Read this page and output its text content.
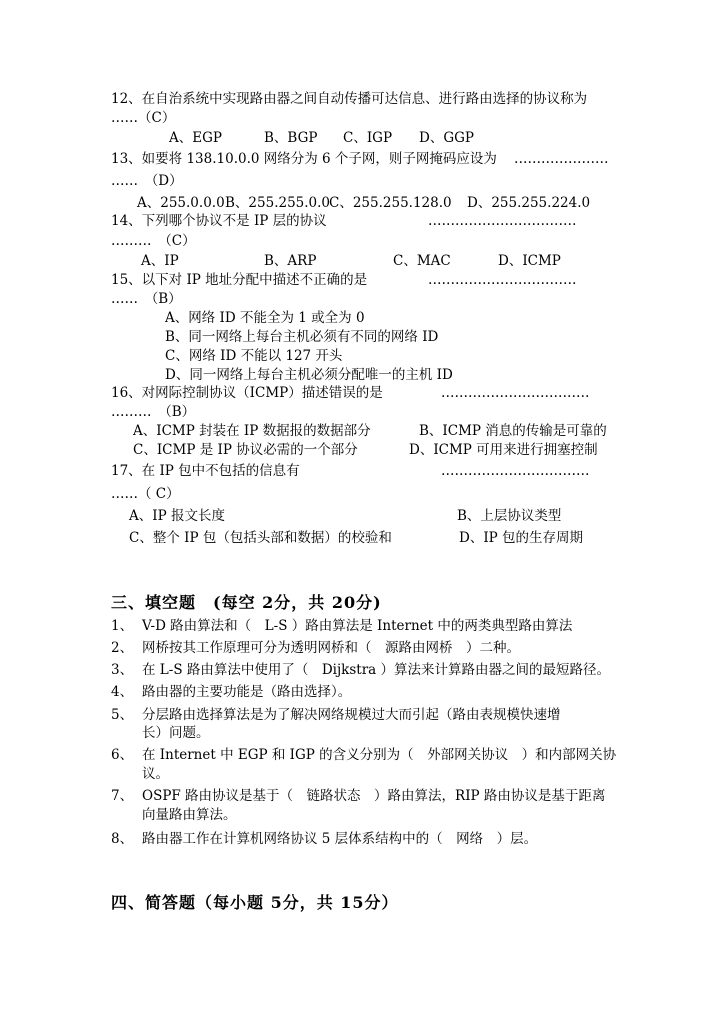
12、在自治系统中实现路由器之间自动传播可达信息、进行路由选择的协议称为
……（C）
A、EGP	B、BGP C、IGP D、GGP
13、如要将 138.10.0.0 网络分为 6 个子网，则子网掩码应设为 …………………
……　（D）
A、255.0.0.0 B、255.255.0.0
C、255.255.128.0 D、255.255.224.0
14、下列哪个协议不是 IP 层的协议	……………………………
………　（C）
A、IP	B、ARP	C、MAC	D、ICMP
15、以下对 IP 地址分配中描述不正确的是	……………………………
……　（B）
A、网络 ID 不能全为 1 或全为 0
B、同一网络上每台主机必须有不同的网络 ID
C、网络 ID 不能以 127 开头
D、同一网络上每台主机必须分配唯一的主机 ID
16、对网际控制协议（ICMP）描述错误的是	……………………………
………　（B）
A、ICMP 封装在 IP 数据报的数据部分	B、ICMP 消息的传输是可靠的
C、ICMP 是 IP 协议必需的一个部分	D、ICMP 可用来进行拥塞控制
17、在 IP 包中不包括的信息有	……………………………
……（ C）
A、IP 报文长度	B、上层协议类型
C、整个 IP 包（包括头部和数据）的校验和	D、IP 包的生存周期
三、填空题　(每空 2分，共 20分)
1、 V-D 路由算法和（　L-S ）路由算法是 Internet 中的两类典型路由算法
2、 网桥按其工作原理可分为透明网桥和（　源路由网桥　）二种。
3、 在 L-S 路由算法中使用了（　Dijkstra ）算法来计算路由器之间的最短路径。
4、 路由器的主要功能是（路由选择）。
5、 分层路由选择算法是为了解决网络规模过大而引起（路由表规模快速增
长）问题。
6、 在 Internet 中 EGP 和 IGP 的含义分别为（　外部网关协议　）和内部网关协
议。
7、 OSPF 路由协议是基于（　链路状态　）路由算法，RIP 路由协议是基于距离
向量路由算法。
8、 路由器工作在计算机网络协议 5 层体系结构中的（　网络　）层。
四、简答题（每小题 5分，共 15分）
